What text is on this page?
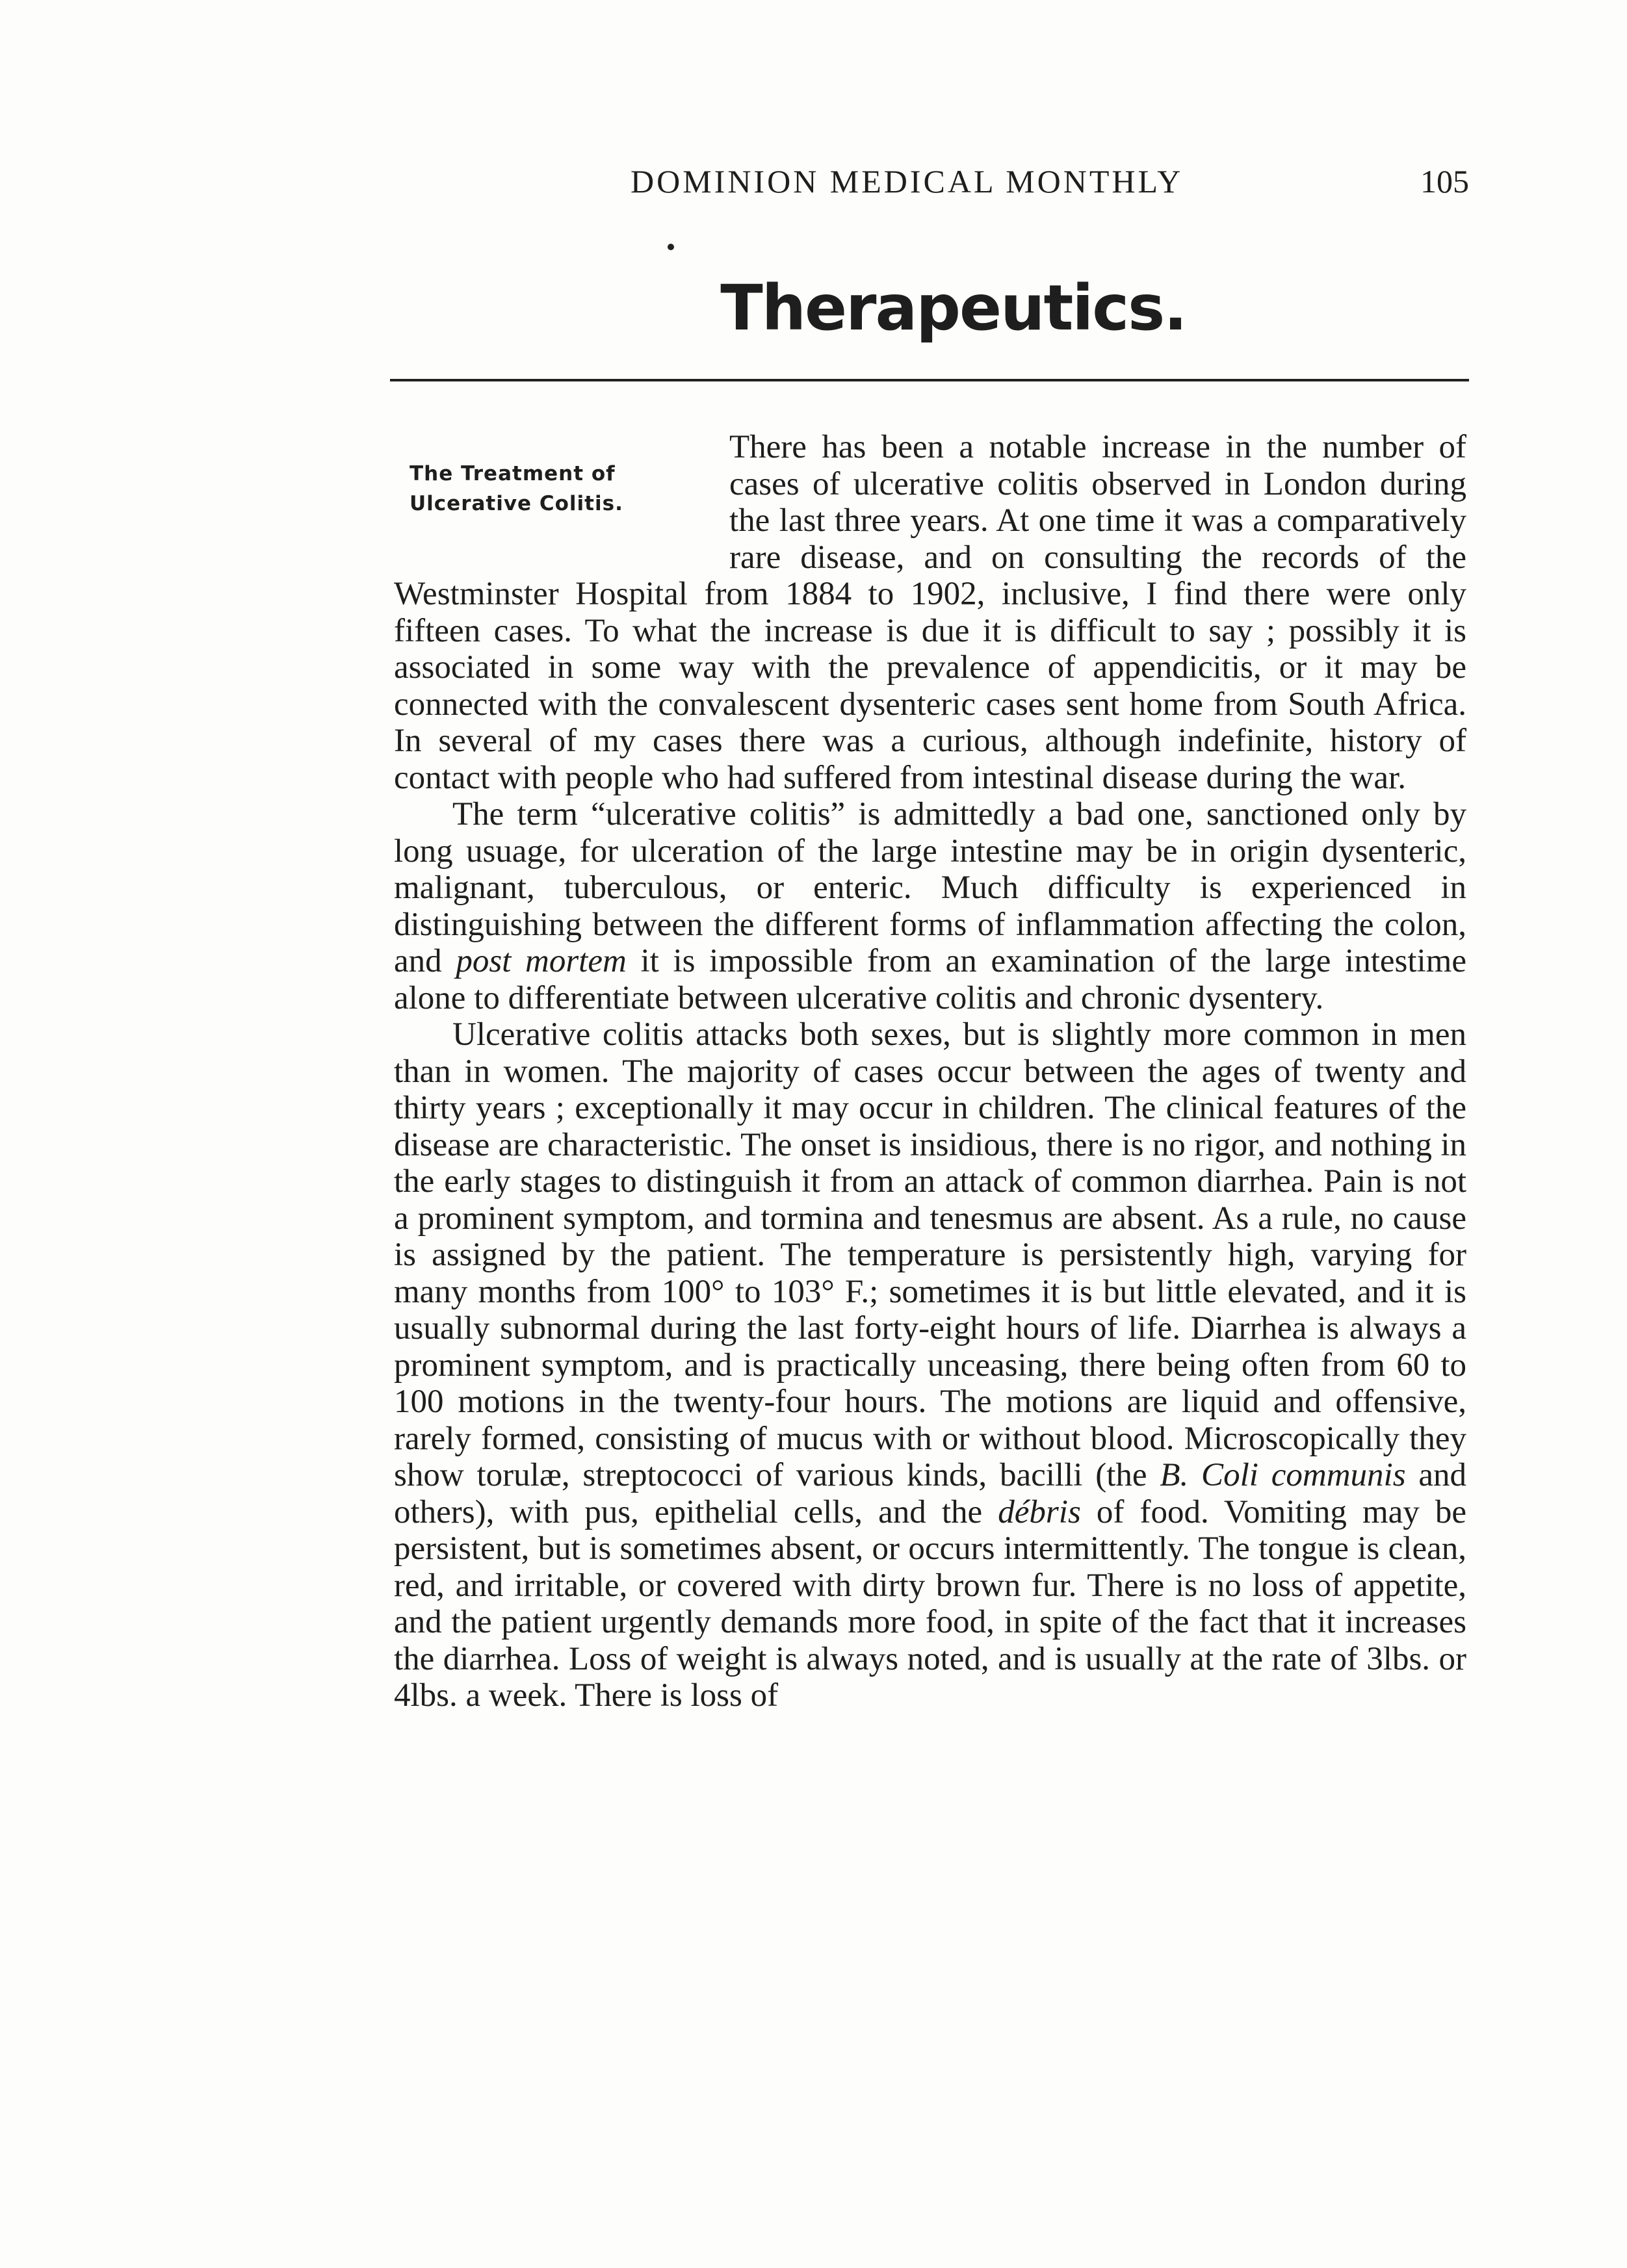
DOMINION MEDICAL MONTHLY	105
Therapeutics.
The Treatment of
Ulcerative Colitis.

There has been a notable increase in the number of cases of ulcerative colitis observed in London during the last three years. At one time it was a comparatively rare disease, and on consulting the records of the Westminster Hospital from 1884 to 1902, inclusive, I find there were only fifteen cases. To what the increase is due it is difficult to say ; possibly it is associated in some way with the prevalence of appendicitis, or it may be connected with the convalescent dysenteric cases sent home from South Africa. In several of my cases there was a curious, although indefinite, history of contact with people who had suffered from intestinal disease during the war.

The term “ulcerative colitis” is admittedly a bad one, sanctioned only by long usuage, for ulceration of the large intestine may be in origin dysenteric, malignant, tuberculous, or enteric. Much difficulty is experienced in distinguishing between the different forms of inflammation affecting the colon, and post mortem it is impossible from an examination of the large intestime alone to differentiate between ulcerative colitis and chronic dysentery.

Ulcerative colitis attacks both sexes, but is slightly more common in men than in women. The majority of cases occur between the ages of twenty and thirty years ; exceptionally it may occur in children. The clinical features of the disease are characteristic. The onset is insidious, there is no rigor, and nothing in the early stages to distinguish it from an attack of common diarrhea. Pain is not a prominent symptom, and tormina and tenesmus are absent. As a rule, no cause is assigned by the patient. The temperature is persistently high, varying for many months from 100° to 103° F.; sometimes it is but little elevated, and it is usually subnormal during the last forty-eight hours of life. Diarrhea is always a prominent symptom, and is practically unceasing, there being often from 60 to 100 motions in the twenty-four hours. The motions are liquid and offensive, rarely formed, consisting of mucus with or without blood. Microscopically they show torulæ, streptococci of various kinds, bacilli (the B. Coli communis and others), with pus, epithelial cells, and the débris of food. Vomiting may be persistent, but is sometimes absent, or occurs intermittently. The tongue is clean, red, and irritable, or covered with dirty brown fur. There is no loss of appetite, and the patient urgently demands more food, in spite of the fact that it increases the diarrhea. Loss of weight is always noted, and is usually at the rate of 3lbs. or 4lbs. a week. There is loss of
